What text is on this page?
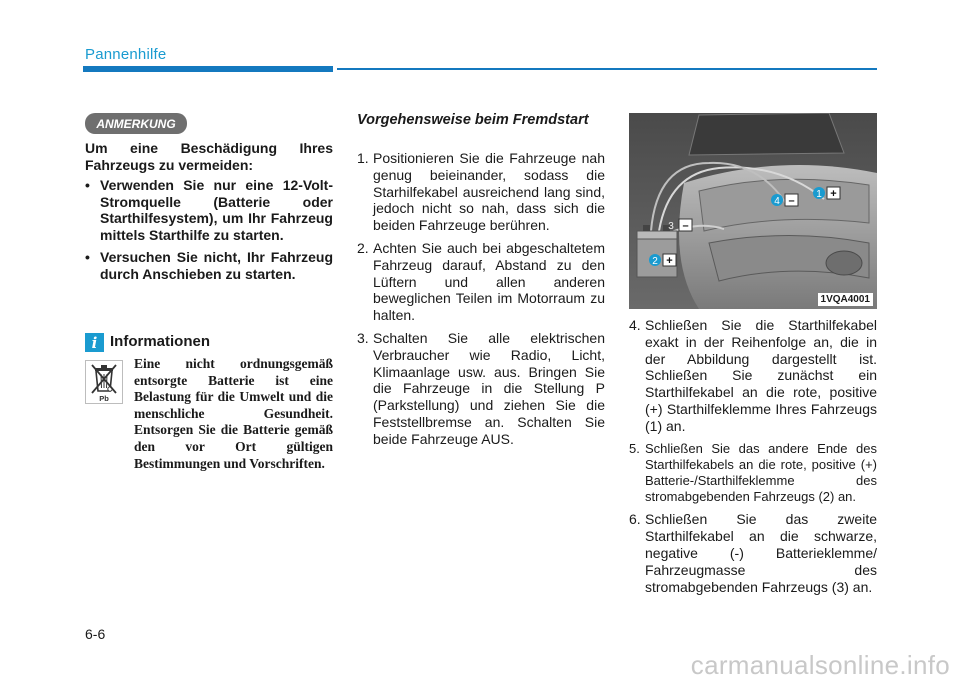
Pannenhilfe
ANMERKUNG

Um eine Beschädigung Ihres Fahrzeugs zu vermeiden:

• Verwenden Sie nur eine 12-Volt-Stromquelle (Batterie oder Starthilfesystem), um Ihr Fahrzeug mittels Starthilfe zu starten.
• Versuchen Sie nicht, Ihr Fahrzeug durch Anschieben zu starten.
i Informationen
Pb
Eine nicht ordnungsgemäß entsorgte Batterie ist eine Belastung für die Umwelt und die menschliche Gesundheit. Entsorgen Sie die Batterie gemäß den vor Ort gültigen Bestimmungen und Vorschriften.
Vorgehensweise beim Fremdstart
1. Positionieren Sie die Fahrzeuge nah genug beieinander, sodass die Starhilfekabel ausreichend lang sind, jedoch nicht so nah, dass sich die beiden Fahrzeuge berühren.
2. Achten Sie auch bei abgeschaltetem Fahrzeug darauf, Abstand zu den Lüftern und allen anderen beweglichen Teilen im Motorraum zu halten.
3. Schalten Sie alle elektrischen Verbraucher wie Radio, Licht, Klimaanlage usw. aus. Bringen Sie die Fahrzeuge in die Stellung P (Parkstellung) und ziehen Sie die Feststellbremse an. Schalten Sie beide Fahrzeuge AUS.
1 +
4 –
3 –
2 +
1VQA4001
4. Schließen Sie die Starthilfekabel exakt in der Reihenfolge an, die in der Abbildung dargestellt ist. Schließen Sie zunächst ein Starthilfekabel an die rote, positive (+) Starthilfeklemme Ihres Fahrzeugs (1) an.
5. Schließen Sie das andere Ende des Starthilfekabels an die rote, positive (+) Batterie-/Starthilfeklemme des stromabgebenden Fahrzeugs (2) an.
6. Schließen Sie das zweite Starthilfekabel an die schwarze, negative (-) Batterieklemme/ Fahrzeugmasse des stromabgebenden Fahrzeugs (3) an.
6-6
carmanualsonline.info
